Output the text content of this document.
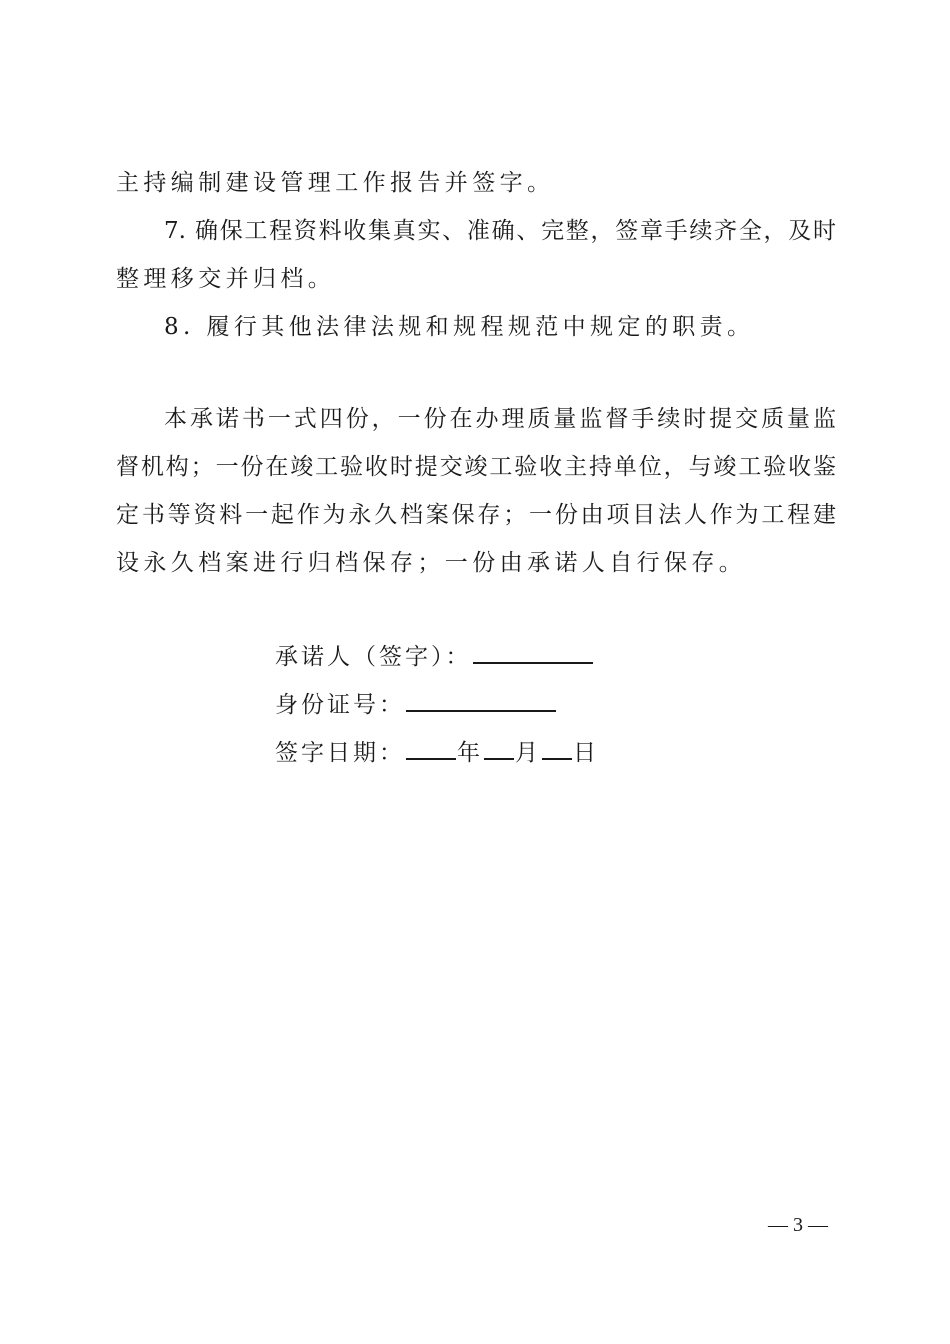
主持编制建设管理工作报告并签字。
7. 确保工程资料收集真实、准确、完整，签章手续齐全，及时
整理移交并归档。
8. 履行其他法律法规和规程规范中规定的职责。
本承诺书一式四份，一份在办理质量监督手续时提交质量监
督机构；一份在竣工验收时提交竣工验收主持单位，与竣工验收鉴
定书等资料一起作为永久档案保存；一份由项目法人作为工程建
设永久档案进行归档保存；一份由承诺人自行保存。
承诺人（签字）：
身份证号：
签字日期： 年 月 日
— 3 —
